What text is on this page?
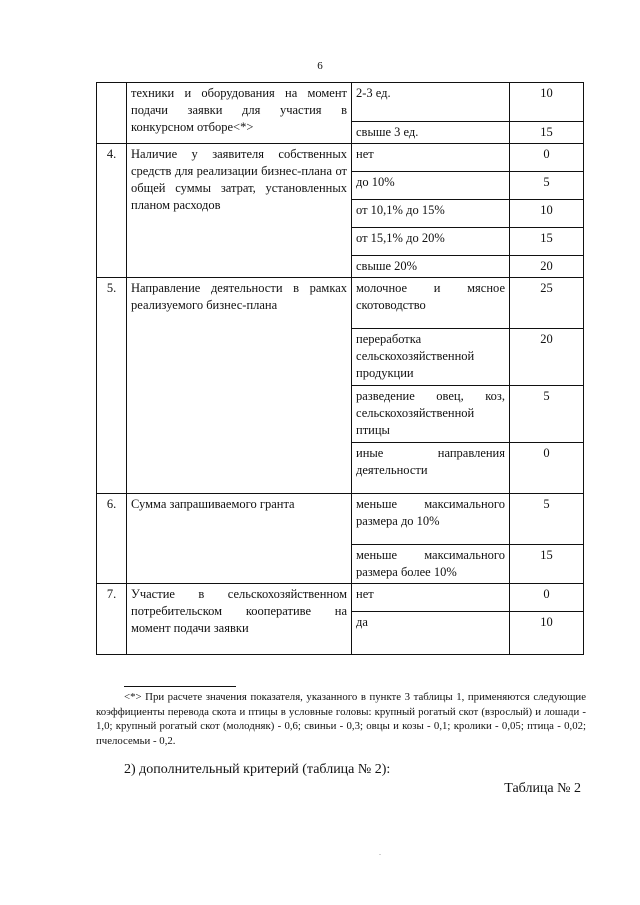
6
	техники и оборудования на момент подачи заявки для участия в конкурсном отборе<*>	2-3 ед.	10
		свыше 3 ед.	15
4.	Наличие у заявителя собственных средств для реализации бизнес-плана от общей суммы затрат, установленных планом расходов	нет	0
		до 10%	5
		от 10,1% до 15%	10
		от 15,1% до 20%	15
		свыше 20%	20
5.	Направление деятельности в рамках реализуемого бизнес-плана	молочное и мясное скотоводство	25
		переработка сельскохозяйственной продукции	20
		разведение овец, коз, сельскохозяйственной птицы	5
		иные направления деятельности	0
6.	Сумма запрашиваемого гранта	меньше максимального размера до 10%	5
		меньше максимального размера более 10%	15
7.	Участие в сельскохозяйственном потребительском кооперативе на момент подачи заявки	нет	0
		да	10
<*> При расчете значения показателя, указанного в пункте 3 таблицы 1, применяются следующие коэффициенты перевода скота и птицы в условные головы: крупный рогатый скот (взрослый) и лошади - 1,0; крупный рогатый скот (молодняк) - 0,6; свиньи - 0,3; овцы и козы - 0,1; кролики - 0,05; птица - 0,02; пчелосемьи - 0,2.
2) дополнительный критерий (таблица № 2):
Таблица № 2
.
